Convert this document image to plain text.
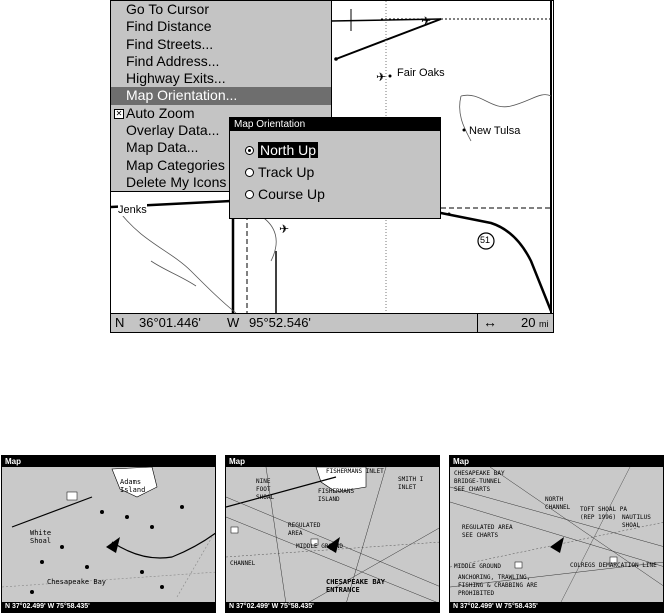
✈
✈
✈
Fair Oaks
New Tulsa
Jenks
51
Go To Cursor
Find Distance
Find Streets...
Find Address...
Highway Exits...
Map Orientation...
✕ Auto Zoom
Overlay Data...
Map Data...
Map Categories
Delete My Icons
Map Orientation
North Up
Track Up
Course Up
N 36°01.446' W 95°52.546'	↔ 20 mi
Map
Adams Island
White Shoal
Chesapeake Bay
N 37°02.499' W 75°58.435'
Map
FISHERMANS INLET
NINE FOOT SHOAL
FISHERMANS ISLAND
SMITH I INLET
REGULATED AREA
MIDDLE GROUND
CHESAPEAKE BAY ENTRANCE
CHANNEL
N 37°02.499' W 75°58.435'
Map
CHESAPEAKE BAY BRIDGE-TUNNEL SEE CHARTS
NORTH CHANNEL	TOFT SHOAL PA (REP 1996) NAUTILUS SHOAL
REGULATED AREA SEE CHARTS
MIDDLE GROUND	COLREGS DEMARCATION LINE
ANCHORING, TRAWLING, FISHING & CRABBING ARE PROHIBITED
N 37°02.499' W 75°58.435'
